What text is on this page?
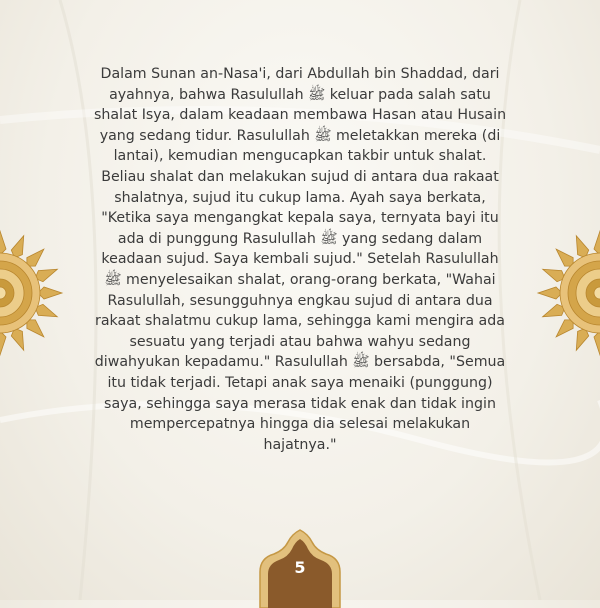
Dalam Sunan an-Nasa'i, dari Abdullah bin Shaddad, dari ayahnya, bahwa Rasulullah ﷺ keluar pada salah satu shalat Isya, dalam keadaan membawa Hasan atau Husain yang sedang tidur. Rasulullah ﷺ meletakkan mereka (di lantai), kemudian mengucapkan takbir untuk shalat. Beliau shalat dan melakukan sujud di antara dua rakaat shalatnya, sujud itu cukup lama. Ayah saya berkata, "Ketika saya mengangkat kepala saya, ternyata bayi itu ada di punggung Rasulullah ﷺ yang sedang dalam keadaan sujud. Saya kembali sujud." Setelah Rasulullah ﷺ menyelesaikan shalat, orang-orang berkata, "Wahai Rasulullah, sesungguhnya engkau sujud di antara dua rakaat shalatmu cukup lama, sehingga kami mengira ada sesuatu yang terjadi atau bahwa wahyu sedang diwahyukan kepadamu." Rasulullah ﷺ bersabda, "Semua itu tidak terjadi. Tetapi anak saya menaiki (punggung) saya, sehingga saya merasa tidak enak dan tidak ingin mempercepatnya hingga dia selesai melakukan hajatnya."

5
